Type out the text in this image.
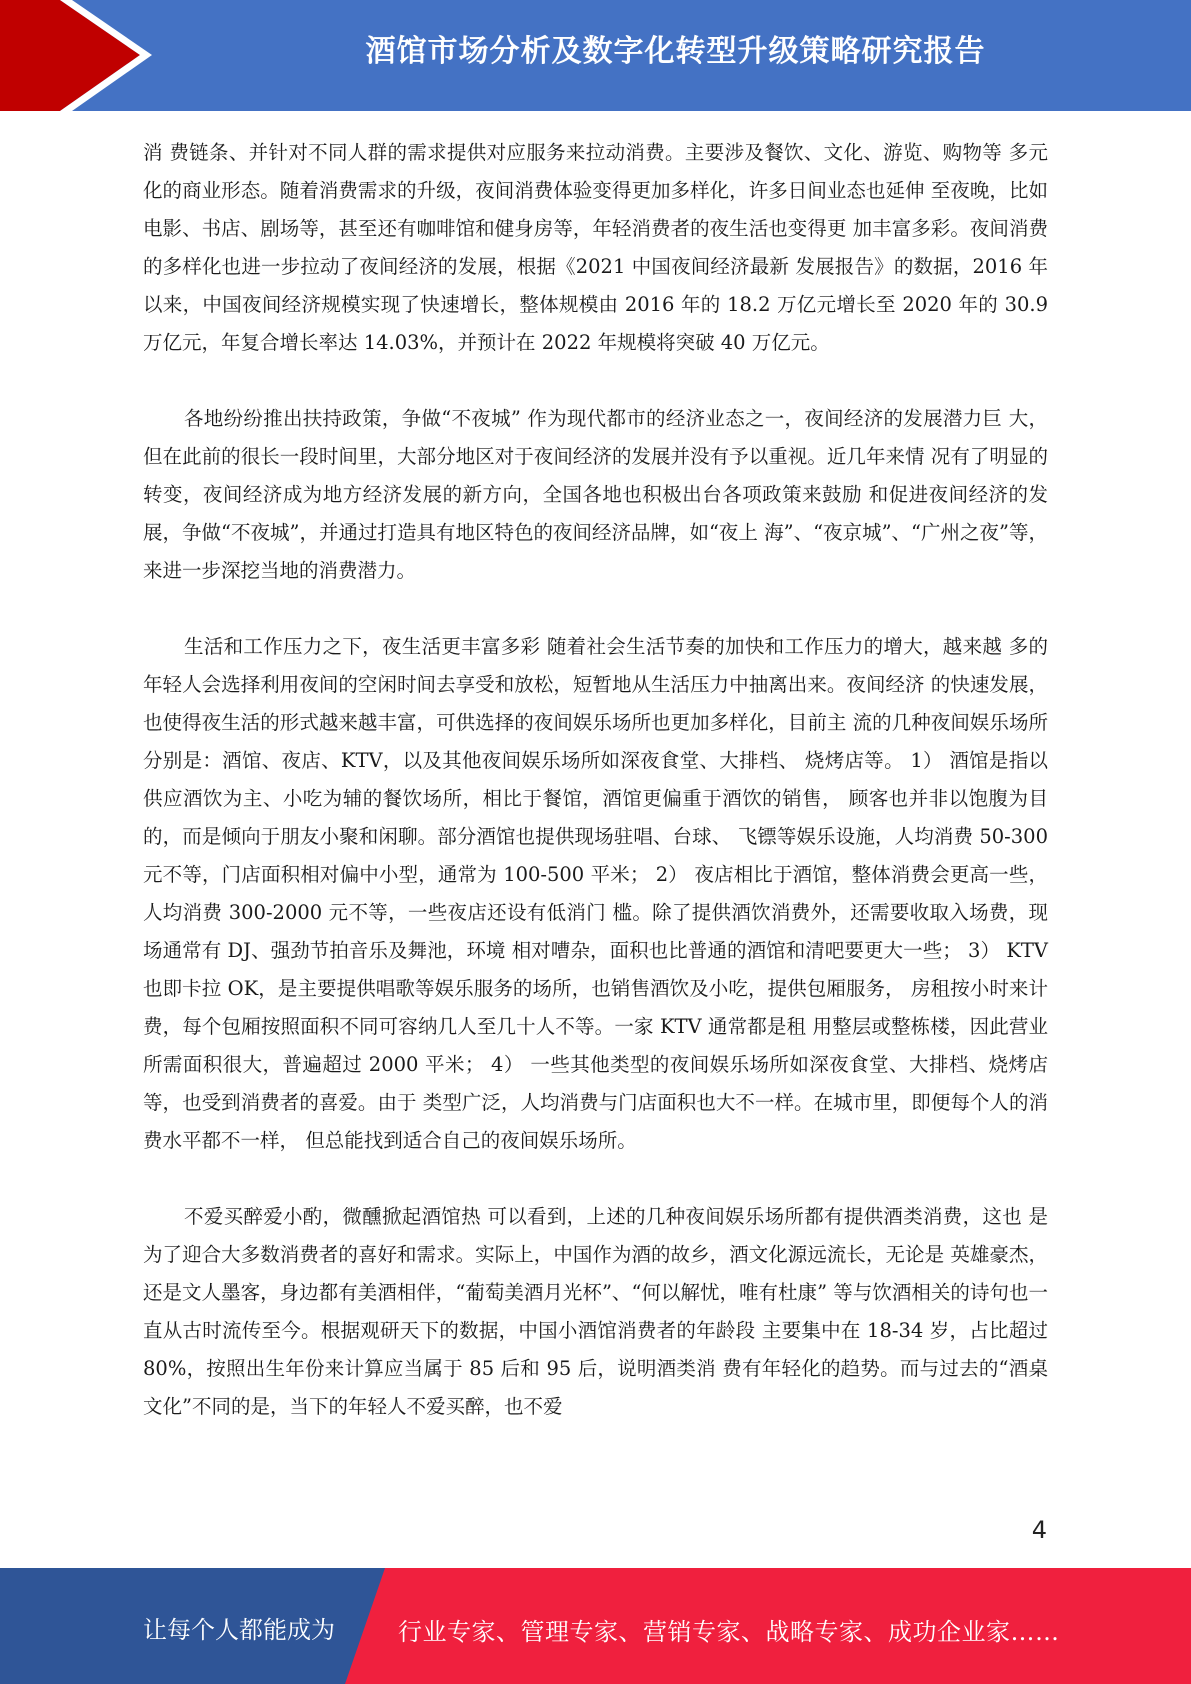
酒馆市场分析及数字化转型升级策略研究报告

消 费链条、并针对不同人群的需求提供对应服务来拉动消费。主要涉及餐饮、文化、游览、购物等 多元化的商业形态。随着消费需求的升级，夜间消费体验变得更加多样化，许多日间业态也延伸 至夜晚，比如电影、书店、剧场等，甚至还有咖啡馆和健身房等，年轻消费者的夜生活也变得更 加丰富多彩。夜间消费的多样化也进一步拉动了夜间经济的发展，根据《2021 中国夜间经济最新 发展报告》的数据，2016 年以来，中国夜间经济规模实现了快速增长，整体规模由 2016 年的 18.2 万亿元增长至 2020 年的 30.9 万亿元，年复合增长率达 14.03%，并预计在 2022 年规模将突破 40 万亿元。

各地纷纷推出扶持政策，争做“不夜城” 作为现代都市的经济业态之一，夜间经济的发展潜力巨 大，但在此前的很长一段时间里，大部分地区对于夜间经济的发展并没有予以重视。近几年来情 况有了明显的转变，夜间经济成为地方经济发展的新方向，全国各地也积极出台各项政策来鼓励 和促进夜间经济的发展，争做“不夜城”，并通过打造具有地区特色的夜间经济品牌，如“夜上 海”、“夜京城”、“广州之夜”等，来进一步深挖当地的消费潜力。

生活和工作压力之下，夜生活更丰富多彩 随着社会生活节奏的加快和工作压力的增大，越来越 多的年轻人会选择利用夜间的空闲时间去享受和放松，短暂地从生活压力中抽离出来。夜间经济 的快速发展，也使得夜生活的形式越来越丰富，可供选择的夜间娱乐场所也更加多样化，目前主 流的几种夜间娱乐场所分别是：酒馆、夜店、KTV，以及其他夜间娱乐场所如深夜食堂、大排档、 烧烤店等。 1） 酒馆是指以供应酒饮为主、小吃为辅的餐饮场所，相比于餐馆，酒馆更偏重于酒饮的销售， 顾客也并非以饱腹为目的，而是倾向于朋友小聚和闲聊。部分酒馆也提供现场驻唱、台球、 飞镖等娱乐设施，人均消费 50-300 元不等，门店面积相对偏中小型，通常为 100-500 平米； 2） 夜店相比于酒馆，整体消费会更高一些，人均消费 300-2000 元不等，一些夜店还设有低消门 槛。除了提供酒饮消费外，还需要收取入场费，现场通常有 DJ、强劲节拍音乐及舞池，环境 相对嘈杂，面积也比普通的酒馆和清吧要更大一些； 3） KTV 也即卡拉 OK，是主要提供唱歌等娱乐服务的场所，也销售酒饮及小吃，提供包厢服务， 房租按小时来计费，每个包厢按照面积不同可容纳几人至几十人不等。一家 KTV 通常都是租 用整层或整栋楼，因此营业所需面积很大，普遍超过 2000 平米； 4） 一些其他类型的夜间娱乐场所如深夜食堂、大排档、烧烤店等，也受到消费者的喜爱。由于 类型广泛，人均消费与门店面积也大不一样。在城市里，即便每个人的消费水平都不一样， 但总能找到适合自己的夜间娱乐场所。

不爱买醉爱小酌，微醺掀起酒馆热 可以看到，上述的几种夜间娱乐场所都有提供酒类消费，这也 是为了迎合大多数消费者的喜好和需求。实际上，中国作为酒的故乡，酒文化源远流长，无论是 英雄豪杰，还是文人墨客，身边都有美酒相伴，“葡萄美酒月光杯”、“何以解忧，唯有杜康” 等与饮酒相关的诗句也一直从古时流传至今。根据观研天下的数据，中国小酒馆消费者的年龄段 主要集中在 18-34 岁，占比超过 80%，按照出生年份来计算应当属于 85 后和 95 后，说明酒类消 费有年轻化的趋势。而与过去的“酒桌文化”不同的是，当下的年轻人不爱买醉，也不爱

4
让每个人都能成为	行业专家、管理专家、营销专家、战略专家、成功企业家……
